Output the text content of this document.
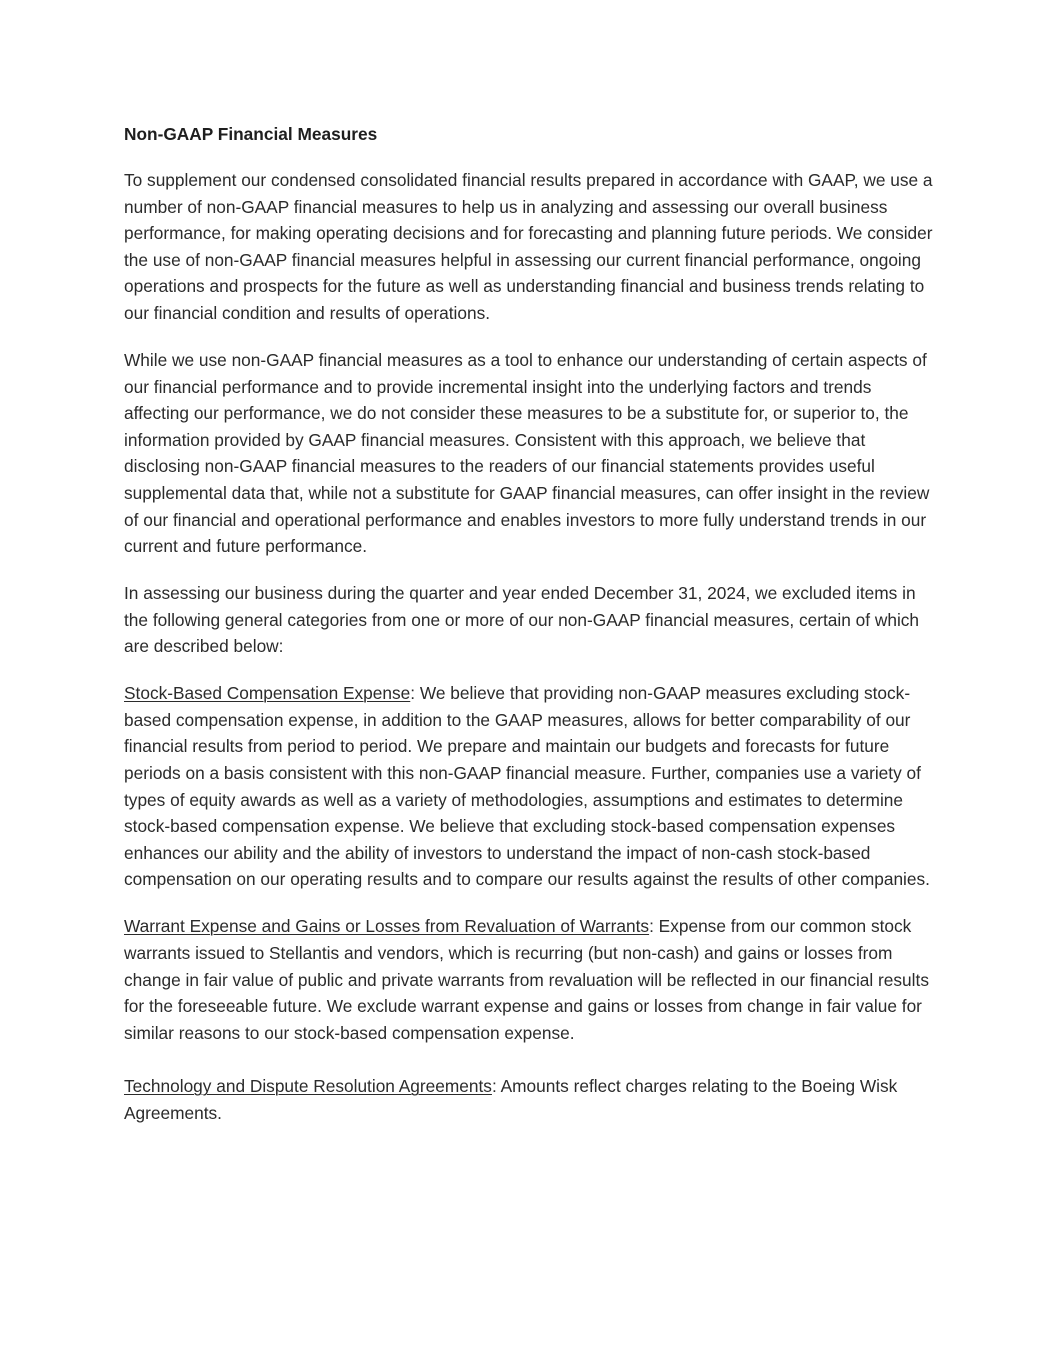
Non-GAAP Financial Measures

To supplement our condensed consolidated financial results prepared in accordance with GAAP, we use a number of non-GAAP financial measures to help us in analyzing and assessing our overall business performance, for making operating decisions and for forecasting and planning future periods. We consider the use of non-GAAP financial measures helpful in assessing our current financial performance, ongoing operations and prospects for the future as well as understanding financial and business trends relating to our financial condition and results of operations.

While we use non-GAAP financial measures as a tool to enhance our understanding of certain aspects of our financial performance and to provide incremental insight into the underlying factors and trends affecting our performance, we do not consider these measures to be a substitute for, or superior to, the information provided by GAAP financial measures. Consistent with this approach, we believe that disclosing non-GAAP financial measures to the readers of our financial statements provides useful supplemental data that, while not a substitute for GAAP financial measures, can offer insight in the review of our financial and operational performance and enables investors to more fully understand trends in our current and future performance.

In assessing our business during the quarter and year ended December 31, 2024, we excluded items in the following general categories from one or more of our non-GAAP financial measures, certain of which are described below:

Stock-Based Compensation Expense: We believe that providing non-GAAP measures excluding stock-based compensation expense, in addition to the GAAP measures, allows for better comparability of our financial results from period to period. We prepare and maintain our budgets and forecasts for future periods on a basis consistent with this non-GAAP financial measure. Further, companies use a variety of types of equity awards as well as a variety of methodologies, assumptions and estimates to determine stock-based compensation expense. We believe that excluding stock-based compensation expenses enhances our ability and the ability of investors to understand the impact of non-cash stock-based compensation on our operating results and to compare our results against the results of other companies.

Warrant Expense and Gains or Losses from Revaluation of Warrants: Expense from our common stock warrants issued to Stellantis and vendors, which is recurring (but non-cash) and gains or losses from change in fair value of public and private warrants from revaluation will be reflected in our financial results for the foreseeable future. We exclude warrant expense and gains or losses from change in fair value for similar reasons to our stock-based compensation expense.

Technology and Dispute Resolution Agreements: Amounts reflect charges relating to the Boeing Wisk Agreements.
